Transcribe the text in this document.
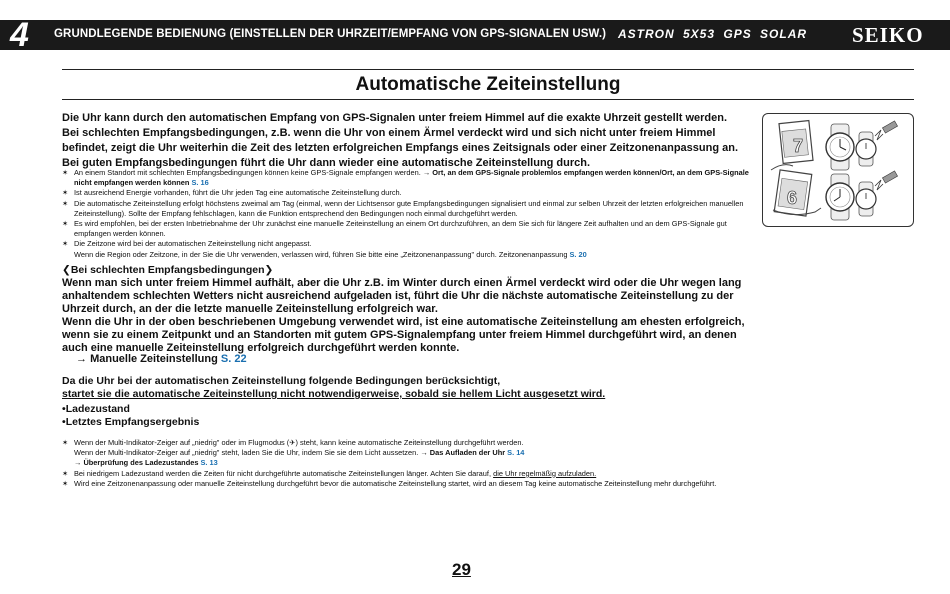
4 GRUNDLEGENDE BEDIENUNG (EINSTELLEN DER UHRZEIT/EMPFANG VON GPS-SIGNALEN USW.) ASTRON 5X53 GPS SOLAR SEIKO
Automatische Zeiteinstellung

Die Uhr kann durch den automatischen Empfang von GPS-Signalen unter freiem Himmel auf die exakte Uhrzeit gestellt werden.

Bei schlechten Empfangsbedingungen, z.B. wenn die Uhr von einem Ärmel verdeckt wird und sich nicht unter freiem Himmel befindet, zeigt die Uhr weiterhin die Zeit des letzten erfolgreichen Empfangs eines Zeitsignals oder einer Zeitzonenanpassung an.

Bei guten Empfangsbedingungen führt die Uhr dann wieder eine automatische Zeiteinstellung durch.

✶ An einem Standort mit schlechten Empfangsbedingungen können keine GPS-Signale empfangen werden. → Ort, an dem GPS-Signale problemlos empfangen werden können/Ort, an dem GPS-Signale nicht empfangen werden können S. 16
✶ Ist ausreichend Energie vorhanden, führt die Uhr jeden Tag eine automatische Zeiteinstellung durch.
✶ Die automatische Zeiteinstellung erfolgt höchstens zweimal am Tag (einmal, wenn der Lichtsensor gute Empfangsbedingungen signalisiert und einmal zur selben Uhrzeit der letzten erfolgreichen manuellen Zeiteinstellung). Sollte der Empfang fehlschlagen, kann die Funktion entsprechend den Bedingungen noch einmal durchgeführt werden.
✶ Es wird empfohlen, bei der ersten Inbetriebnahme der Uhr zunächst eine manuelle Zeiteinstellung an einem Ort durchzuführen, an dem Sie sich für längere Zeit aufhalten und an dem GPS-Signale gut empfangen werden können.
✶ Die Zeitzone wird bei der automatischen Zeiteinstellung nicht angepasst.
Wenn die Region oder Zeitzone, in der Sie die Uhr verwenden, verlassen wird, führen Sie bitte eine „Zeitzonenanpassung" durch. Zeitzonenanpassung S. 20
❮Bei schlechten Empfangsbedingungen❯

Wenn man sich unter freiem Himmel aufhält, aber die Uhr z.B. im Winter durch einen Ärmel verdeckt wird oder die Uhr wegen lang anhaltendem schlechten Wetters nicht ausreichend aufgeladen ist, führt die Uhr die nächste automatische Zeiteinstellung zu der Uhrzeit durch, an der die letzte manuelle Zeiteinstellung erfolgreich war.

Wenn die Uhr in der oben beschriebenen Umgebung verwendet wird, ist eine automatische Zeiteinstellung am ehesten erfolgreich, wenn sie zu einem Zeitpunkt und an Standorten mit gutem GPS-Signalempfang unter freiem Himmel durchgeführt wird, an denen auch eine manuelle Zeiteinstellung erfolgreich durchgeführt werden konnte.

→ Manuelle Zeiteinstellung S. 22

Da die Uhr bei der automatischen Zeiteinstellung folgende Bedingungen berücksichtigt,

startet sie die automatische Zeiteinstellung nicht notwendigerweise, sobald sie hellem Licht ausgesetzt wird.

•Ladezustand
•Letztes Empfangsergebnis
✶ Wenn der Multi-Indikator-Zeiger auf „niedrig" oder im Flugmodus (✈) steht, kann keine automatische Zeiteinstellung durchgeführt werden.
Wenn der Multi-Indikator-Zeiger auf „niedrig" steht, laden Sie die Uhr, indem Sie sie dem Licht aussetzen. → Das Aufladen der Uhr S. 14
→ Überprüfung des Ladezustandes S. 13
✶ Bei niedrigem Ladezustand werden die Zeiten für nicht durchgeführte automatische Zeiteinstellungen länger. Achten Sie darauf, die Uhr regelmäßig aufzuladen.
✶ Wird eine Zeitzonenanpassung oder manuelle Zeiteinstellung durchgeführt bevor die automatische Zeiteinstellung startet, wird an diesem Tag keine automatische Zeiteinstellung mehr durchgeführt.
7
6
29
